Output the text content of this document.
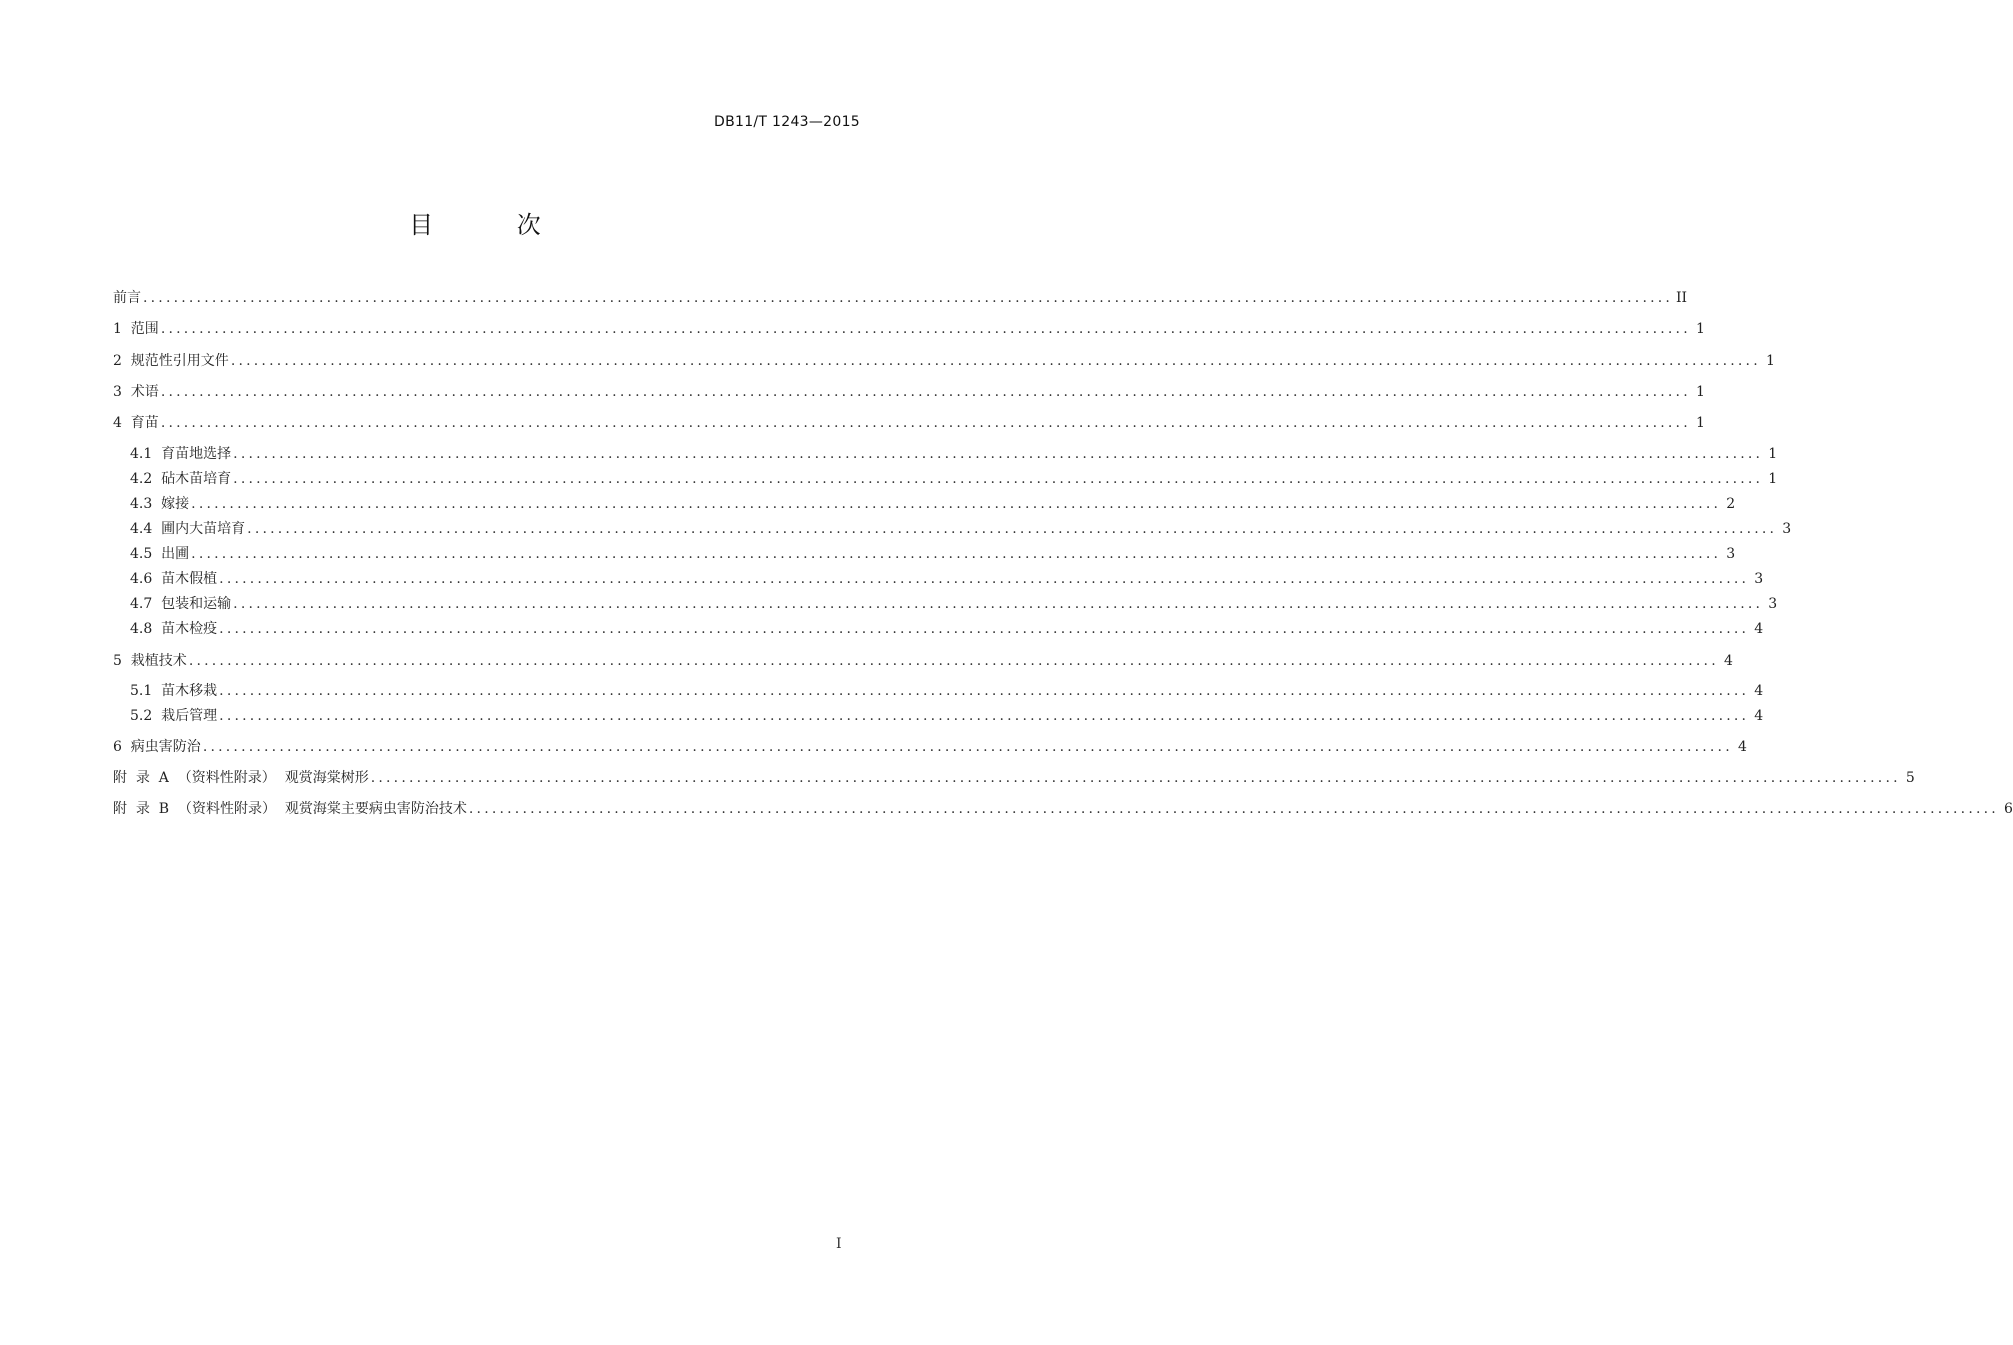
DB11/T 1243—2015
目 次
前言 ........................................................................................................................................................................................................ II
1  范围 ........................................................................................................................................................................................................ 1
2  规范性引用文件 ........................................................................................................................................................................................................ 1
3  术语 ........................................................................................................................................................................................................ 1
4  育苗 ........................................................................................................................................................................................................ 1
4.1  育苗地选择 ........................................................................................................................................................................................................ 1
4.2  砧木苗培育 ........................................................................................................................................................................................................ 1
4.3  嫁接 ........................................................................................................................................................................................................ 2
4.4  圃内大苗培育 ........................................................................................................................................................................................................ 3
4.5  出圃 ........................................................................................................................................................................................................ 3
4.6  苗木假植 ........................................................................................................................................................................................................ 3
4.7  包装和运输 ........................................................................................................................................................................................................ 3
4.8  苗木检疫 ........................................................................................................................................................................................................ 4
5  栽植技术 ........................................................................................................................................................................................................ 4
5.1  苗木移栽 ........................................................................................................................................................................................................ 4
5.2  栽后管理 ........................................................................................................................................................................................................ 4
6  病虫害防治 ........................................................................................................................................................................................................ 4
附  录  A  （资料性附录）  观赏海棠树形 ........................................................................................................................................................................................................ 5
附  录  B  （资料性附录）  观赏海棠主要病虫害防治技术 ........................................................................................................................................................................................................ 6
I
